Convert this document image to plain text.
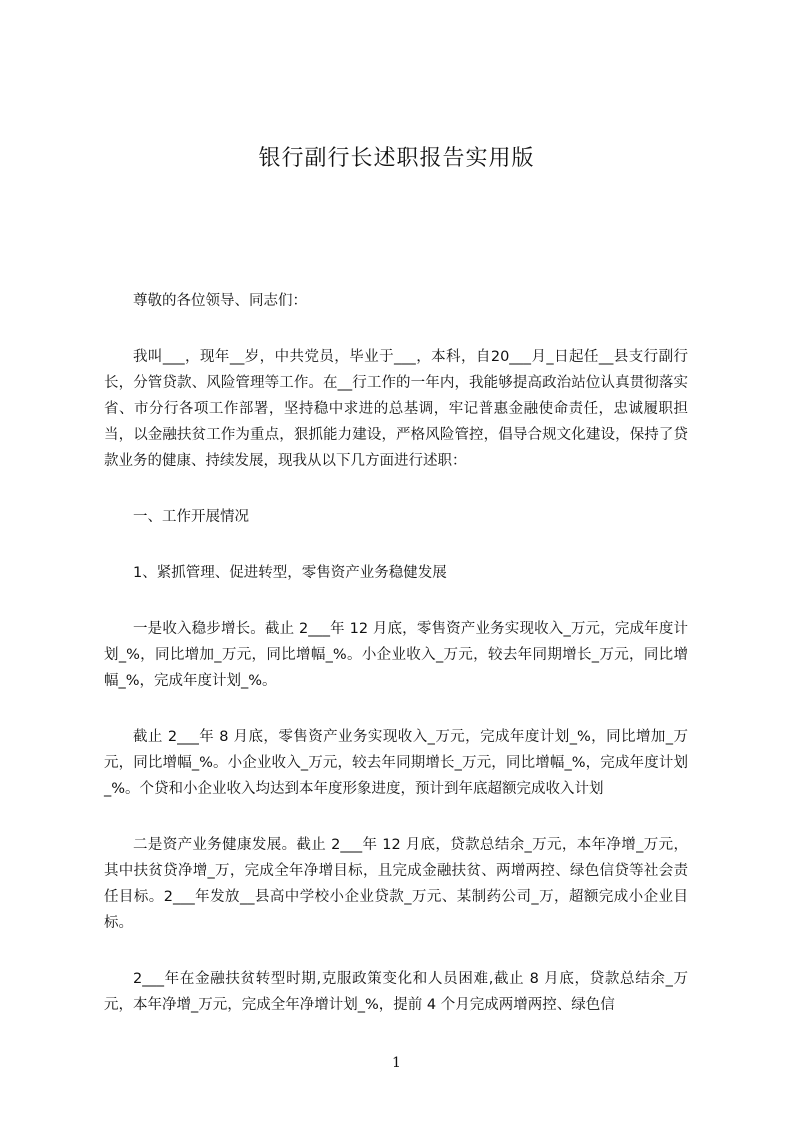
银行副行长述职报告实用版

尊敬的各位领导、同志们：

我叫___，现年__岁，中共党员，毕业于___，本科，自20___月_日起任__县支行副行长，分管贷款、风险管理等工作。在__行工作的一年内，我能够提高政治站位认真贯彻落实省、市分行各项工作部署，坚持稳中求进的总基调，牢记普惠金融使命责任，忠诚履职担当，以金融扶贫工作为重点，狠抓能力建设，严格风险管控，倡导合规文化建设，保持了贷款业务的健康、持续发展，现我从以下几方面进行述职：

一、工作开展情况

1、紧抓管理、促进转型，零售资产业务稳健发展

一是收入稳步增长。截止 2___年 12 月底，零售资产业务实现收入_万元，完成年度计划_%，同比增加_万元，同比增幅_%。小企业收入_万元，较去年同期增长_万元，同比增幅_%，完成年度计划_%。

截止 2___年 8 月底，零售资产业务实现收入_万元，完成年度计划_%，同比增加_万元，同比增幅_%。小企业收入_万元，较去年同期增长_万元，同比增幅_%，完成年度计划_%。个贷和小企业收入均达到本年度形象进度，预计到年底超额完成收入计划

二是资产业务健康发展。截止 2___年 12 月底，贷款总结余_万元，本年净增_万元，其中扶贫贷净增_万，完成全年净增目标，且完成金融扶贫、两增两控、绿色信贷等社会责任目标。2___年发放__县高中学校小企业贷款_万元、某制药公司_万，超额完成小企业目标。

2___年在金融扶贫转型时期,克服政策变化和人员困难,截止 8 月底，贷款总结余_万元，本年净增_万元，完成全年净增计划_%，提前 4 个月完成两增两控、绿色信

1
